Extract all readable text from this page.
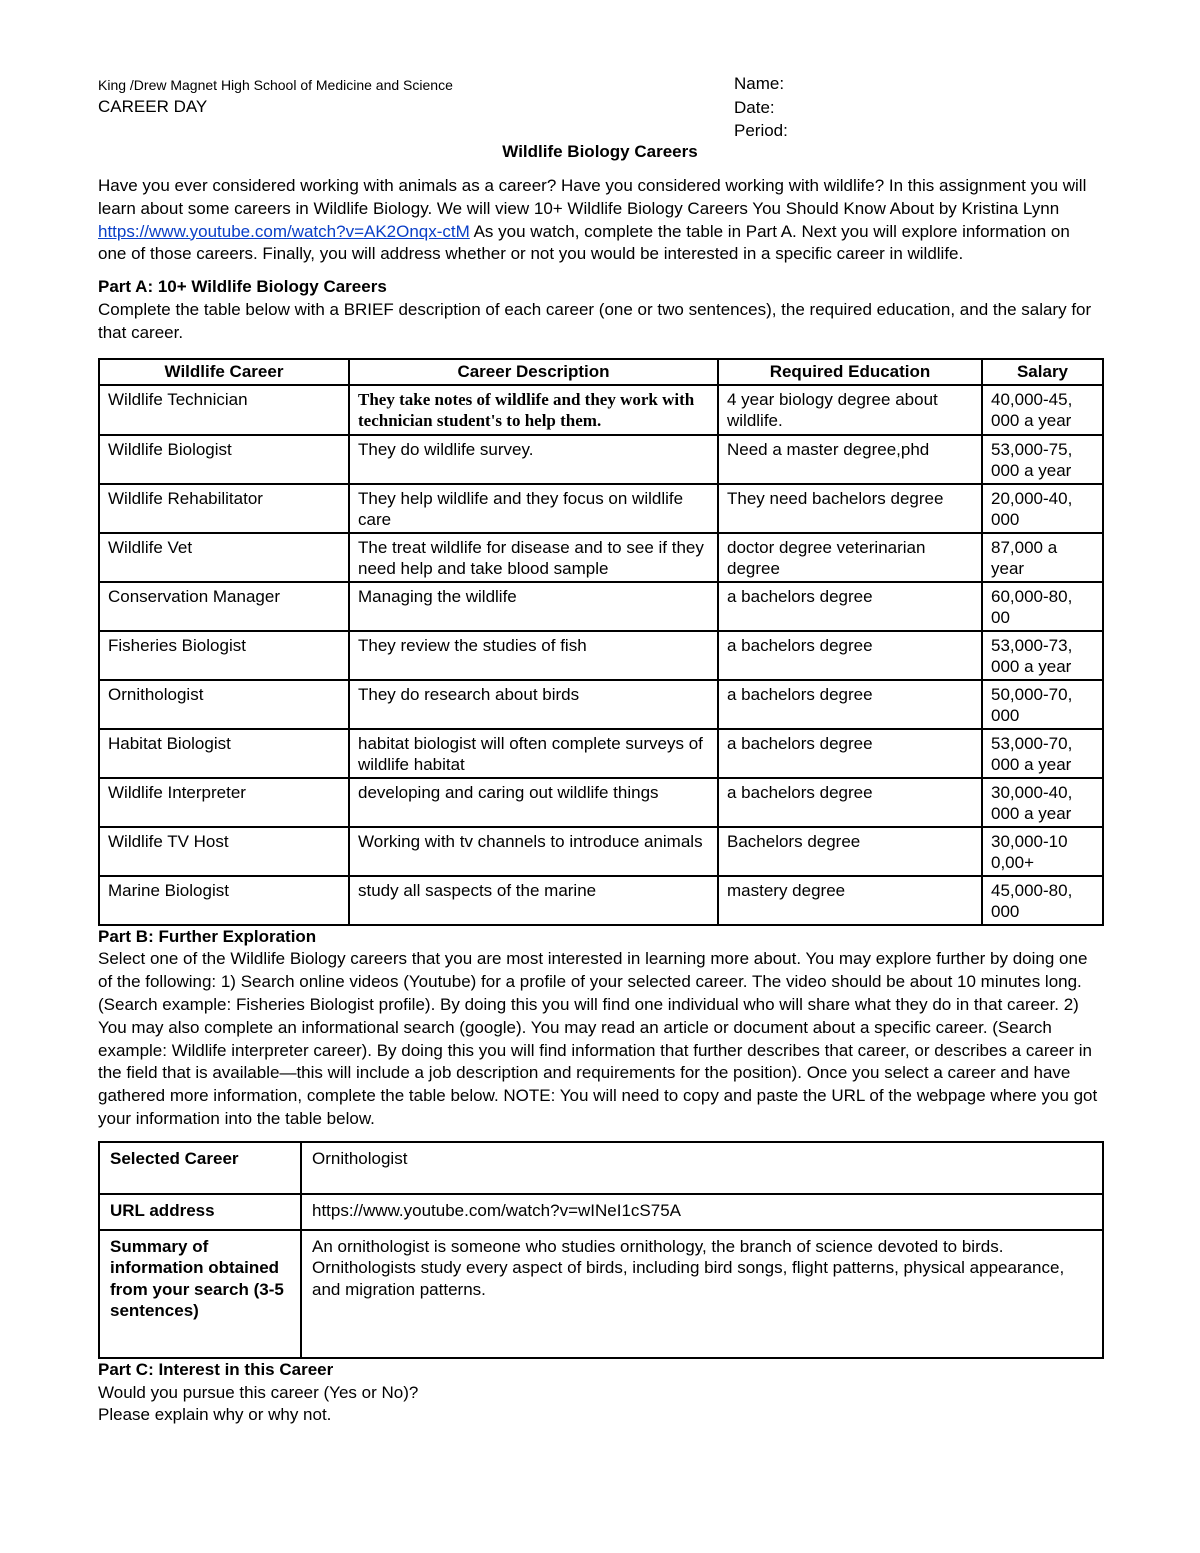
King /Drew Magnet High School of Medicine and Science
CAREER DAY
Name:
Date:
Period:
Wildlife Biology Careers

Have you ever considered working with animals as a career? Have you considered working with wildlife? In this assignment you will learn about some careers in Wildlife Biology. We will view 10+ Wildlife Biology Careers You Should Know About by Kristina Lynn https://www.youtube.com/watch?v=AK2Onqx-ctM As you watch, complete the table in Part A. Next you will explore information on one of those careers. Finally, you will address whether or not you would be interested in a specific career in wildlife.

Part A: 10+ Wildlife Biology Careers

Complete the table below with a BRIEF description of each career (one or two sentences), the required education, and the salary for that career.

Wildlife Career	Career Description	Required Education	Salary
Wildlife Technician	They take notes of wildlife and they work with technician student's to help them.	4 year biology degree about wildlife.	40,000-45, 000 a year
Wildlife Biologist	They do wildlife survey.	Need a master degree,phd	53,000-75, 000 a year
Wildlife Rehabilitator	They help wildlife and they focus on wildlife care	They need bachelors degree	20,000-40, 000
Wildlife Vet	The treat wildlife for disease and to see if they need help and take blood sample	doctor degree veterinarian degree	87,000 a year
Conservation Manager	Managing the wildlife	a bachelors degree	60,000-80, 00
Fisheries Biologist	They review the studies of fish	a bachelors degree	53,000-73, 000 a year
Ornithologist	They do research about birds	a bachelors degree	50,000-70, 000
Habitat Biologist	habitat biologist will often complete surveys of wildlife habitat	a bachelors degree	53,000-70, 000 a year
Wildlife Interpreter	developing and caring out wildlife things	a bachelors degree	30,000-40, 000 a year
Wildlife TV Host	Working with tv channels to introduce animals	Bachelors degree	30,000-10 0,00+
Marine Biologist	study all saspects of the marine	mastery degree	45,000-80, 000

Part B: Further Exploration

Select one of the Wildlife Biology careers that you are most interested in learning more about. You may explore further by doing one of the following: 1) Search online videos (Youtube) for a profile of your selected career. The video should be about 10 minutes long. (Search example: Fisheries Biologist profile). By doing this you will find one individual who will share what they do in that career. 2) You may also complete an informational search (google). You may read an article or document about a specific career. (Search example: Wildlife interpreter career). By doing this you will find information that further describes that career, or describes a career in the field that is available—this will include a job description and requirements for the position). Once you select a career and have gathered more information, complete the table below. NOTE: You will need to copy and paste the URL of the webpage where you got your information into the table below.

Selected Career	Ornithologist
URL address	https://www.youtube.com/watch?v=wINeI1cS75A
Summary of information obtained from your search (3-5 sentences)	An ornithologist is someone who studies ornithology, the branch of science devoted to birds. Ornithologists study every aspect of birds, including bird songs, flight patterns, physical appearance, and migration patterns.

Part C: Interest in this Career

Would you pursue this career (Yes or No)?

Please explain why or why not.
